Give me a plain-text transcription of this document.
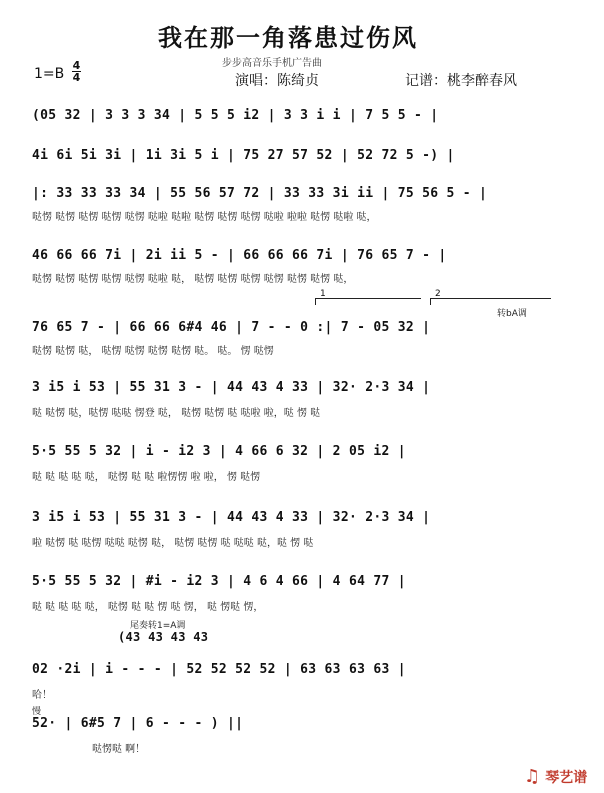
我在那一角落患过伤风
步步高音乐手机广告曲
1=B
4
4	演唱：陈绮贞	记谱：桃李醉春风
(05 32 | 3 3 3 34 | 5 5 5 i2 | 3 3 i i | 7 5 5 - |
4i 6i 5i 3i | 1i 3i 5 i | 75 27 57 52 | 52 72 5 -) |
|: 33 33 33 34 | 55 56 57 72 | 33 33 3i ii | 75 56 5 - |
哒愣 哒愣 哒愣 哒愣 哒愣 哒啦 哒啦 哒愣 哒愣 哒愣 哒啦 啦啦 哒愣 哒啦 哒，
46 66 66 7i | 2i ii 5 - | 66 66 66 7i | 76 65 7 - |
哒愣 哒愣 哒愣 哒愣 哒愣 哒啦 哒， 哒愣 哒愣 哒愣 哒愣 哒愣 哒愣 哒，
1	2
转bA调
76 65 7 - | 66 66 6#4 46 | 7 - - 0 :| 7 - 05 32 |
哒愣 哒愣 哒， 哒愣 哒愣 哒愣 哒愣 哒。 哒。 愣 哒愣
3 i5 i 53 | 55 31 3 - | 44 43 4 33 | 32· 2·3 34 |
哒 哒愣 哒，哒愣 哒哒 愣登 哒， 哒愣 哒愣 哒 哒啦 啦，哒 愣 哒
5·5 55 5 32 | i - i2 3 | 4 66 6 32 | 2 05 i2 |
哒 哒 哒 哒 哒， 哒愣 哒 哒 啦愣愣 啦 啦， 愣 哒愣
3 i5 i 53 | 55 31 3 - | 44 43 4 33 | 32· 2·3 34 |
啦 哒愣 哒 哒愣 哒哒 哒愣 哒， 哒愣 哒愣 哒 哒哒 哒，哒 愣 哒
5·5 55 5 32 | #i - i2 3 | 4 6 4 66 | 4 64 77 |
哒 哒 哒 哒 哒， 哒愣 哒 哒 愣 哒 愣， 哒 愣哒 愣，
尾奏转1=A调
(43 43 43 43
02 ·2i | i - - - | 52 52 52 52 | 63 63 63 63 |
哈！
慢
52· | 6#5 7 | 6 - - - ) ||
哒愣哒 啊！
♫ 琴艺谱
